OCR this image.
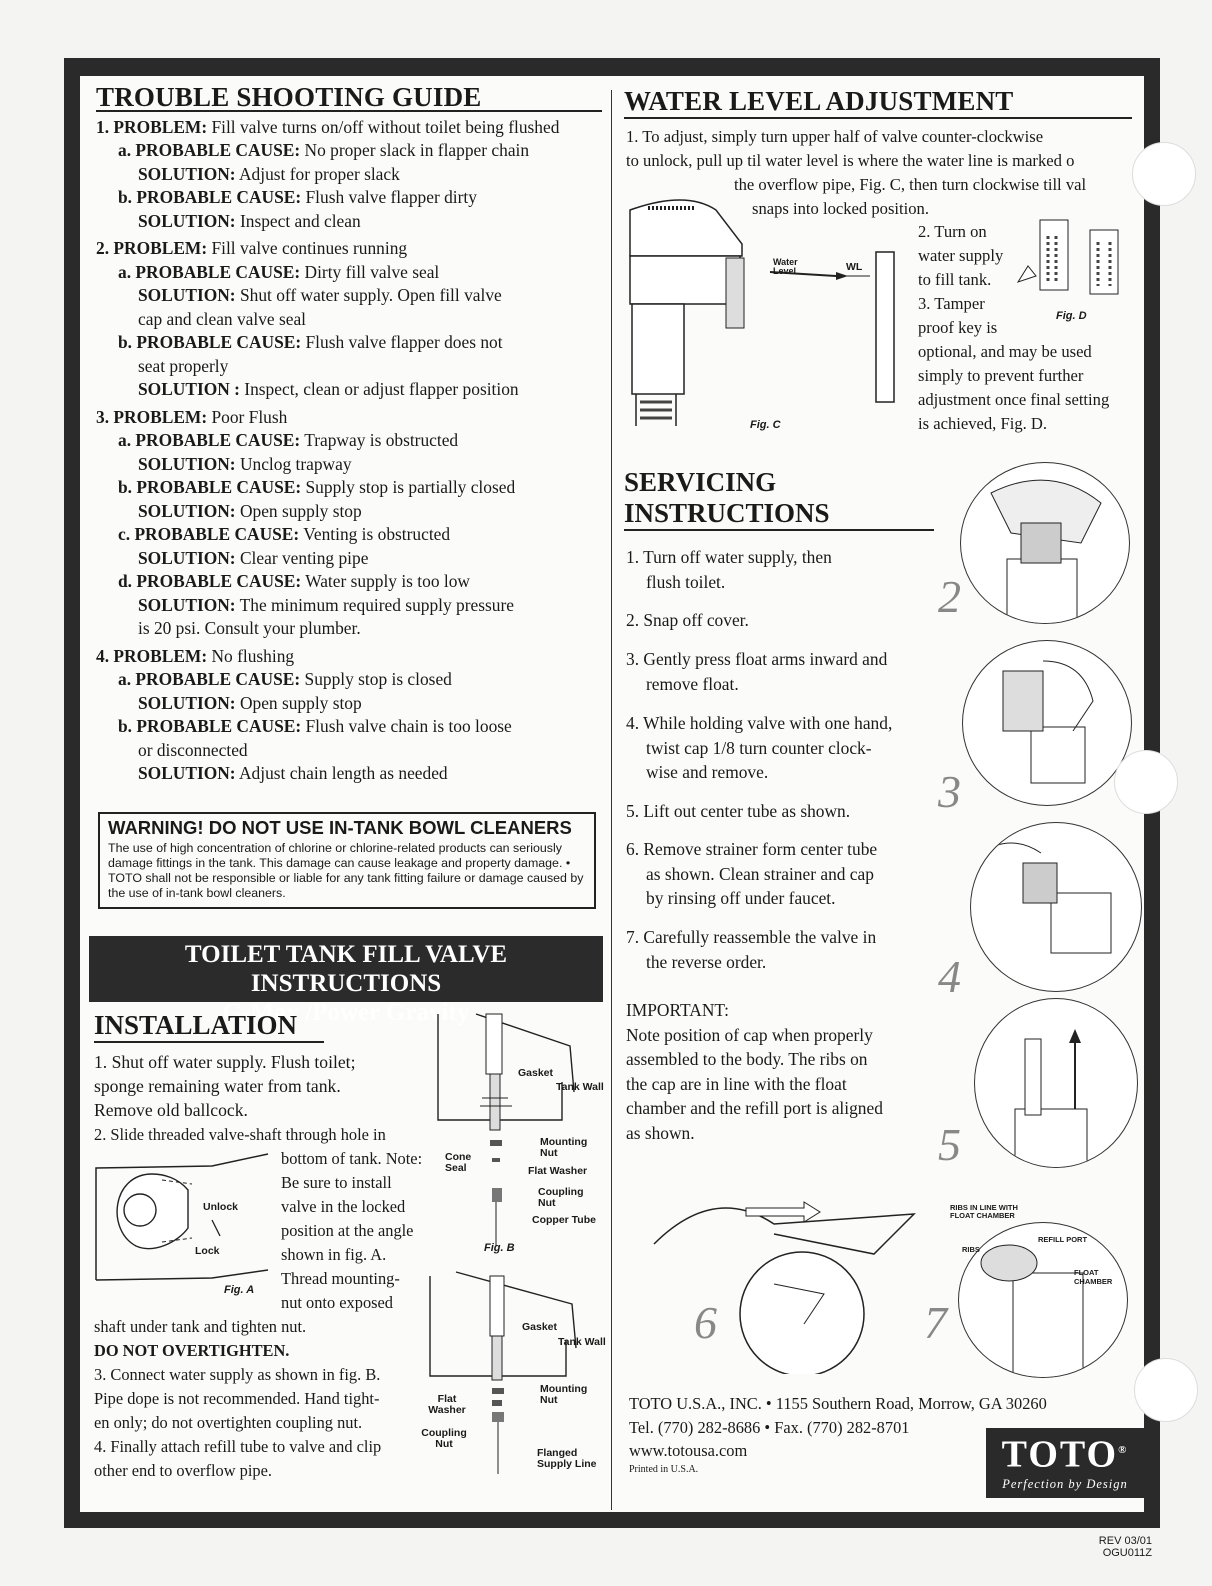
TROUBLE SHOOTING GUIDE
1. PROBLEM: Fill valve turns on/off without toilet being flushed
a. PROBABLE CAUSE: No proper slack in flapper chain
SOLUTION: Adjust for proper slack
b. PROBABLE CAUSE: Flush valve flapper dirty
SOLUTION: Inspect and clean
2. PROBLEM: Fill valve continues running
a. PROBABLE CAUSE: Dirty fill valve seal
SOLUTION: Shut off water supply. Open fill valve
cap and clean valve seal
b. PROBABLE CAUSE: Flush valve flapper does not
seat properly
SOLUTION : Inspect, clean or adjust flapper position
3. PROBLEM: Poor Flush
a. PROBABLE CAUSE: Trapway is obstructed
SOLUTION: Unclog trapway
b. PROBABLE CAUSE: Supply stop is partially closed
SOLUTION: Open supply stop
c. PROBABLE CAUSE: Venting is obstructed
SOLUTION: Clear venting pipe
d. PROBABLE CAUSE: Water supply is too low
SOLUTION: The minimum required supply pressure
is 20 psi. Consult your plumber.
4. PROBLEM: No flushing
a. PROBABLE CAUSE: Supply stop is closed
SOLUTION: Open supply stop
b. PROBABLE CAUSE: Flush valve chain is too loose
or disconnected
SOLUTION: Adjust chain length as needed
WARNING! DO NOT USE IN-TANK BOWL CLEANERS
The use of high concentration of chlorine or chlorine-related products can seriously damage fittings in the tank. This damage can cause leakage and property damage. • TOTO shall not be responsible or liable for any tank fitting failure or damage caused by the use of in-tank bowl cleaners.
TOILET TANK FILL VALVE INSTRUCTIONS
G-Max /Power Gravity
INSTALLATION
1. Shut off water supply. Flush toilet;
sponge remaining water from tank.
Remove old ballcock.
2. Slide threaded valve-shaft through hole in
bottom of tank. Note:
Be sure to install
valve in the locked
position at the angle
shown in fig. A.
Thread mounting-
nut onto exposed
shaft under tank and tighten nut.
DO NOT OVERTIGHTEN.
3. Connect water supply as shown in fig. B.
Pipe dope is not recommended. Hand tight-
en only; do not overtighten coupling nut.
4. Finally attach refill tube to valve and clip
other end to overflow pipe.
Unlock
Lock
Fig. A
Gasket
Tank Wall
Mounting Nut
Cone Seal	Flat Washer
Coupling Nut
Copper Tube
Fig. B
Gasket
Tank Wall
Mounting Nut
Flat Washer
Coupling Nut
Flanged Supply Line
WATER LEVEL ADJUSTMENT
1. To adjust, simply turn upper half of valve counter-clockwise
to unlock, pull up til water level is where the water line is marked o
the overflow pipe, Fig. C, then turn clockwise till val
snaps into locked position.
2. Turn on
water supply
to fill tank.
3. Tamper
proof key is
optional, and may be used
simply to prevent further
adjustment once final setting
is achieved, Fig. D.
Water Level	WL
Fig. C
Fig. D
SERVICING
INSTRUCTIONS
1. Turn off water supply, then
flush toilet.
2. Snap off cover.
3. Gently press float arms inward and
remove float.
4. While holding valve with one hand,
twist cap 1/8 turn counter clock-
wise and remove.
5. Lift out center tube as shown.
6. Remove strainer form center tube
as shown. Clean strainer and cap
by rinsing off under faucet.
7. Carefully reassemble the valve in
the reverse order.
IMPORTANT:
Note position of cap when properly
assembled to the body. The ribs on
the cap are in line with the float
chamber and the refill port is aligned
as shown.
2
3
4
5
6
RIBS IN LINE WITH FLOAT CHAMBER
RIBS
REFILL PORT
FLOAT CHAMBER
7
TOTO U.S.A., INC. • 1155 Southern Road, Morrow, GA 30260
Tel. (770) 282-8686 • Fax. (770) 282-8701
www.totousa.com
Printed in U.S.A.	TOTO®
Perfection by Design
REV 03/01
OGU011Z
